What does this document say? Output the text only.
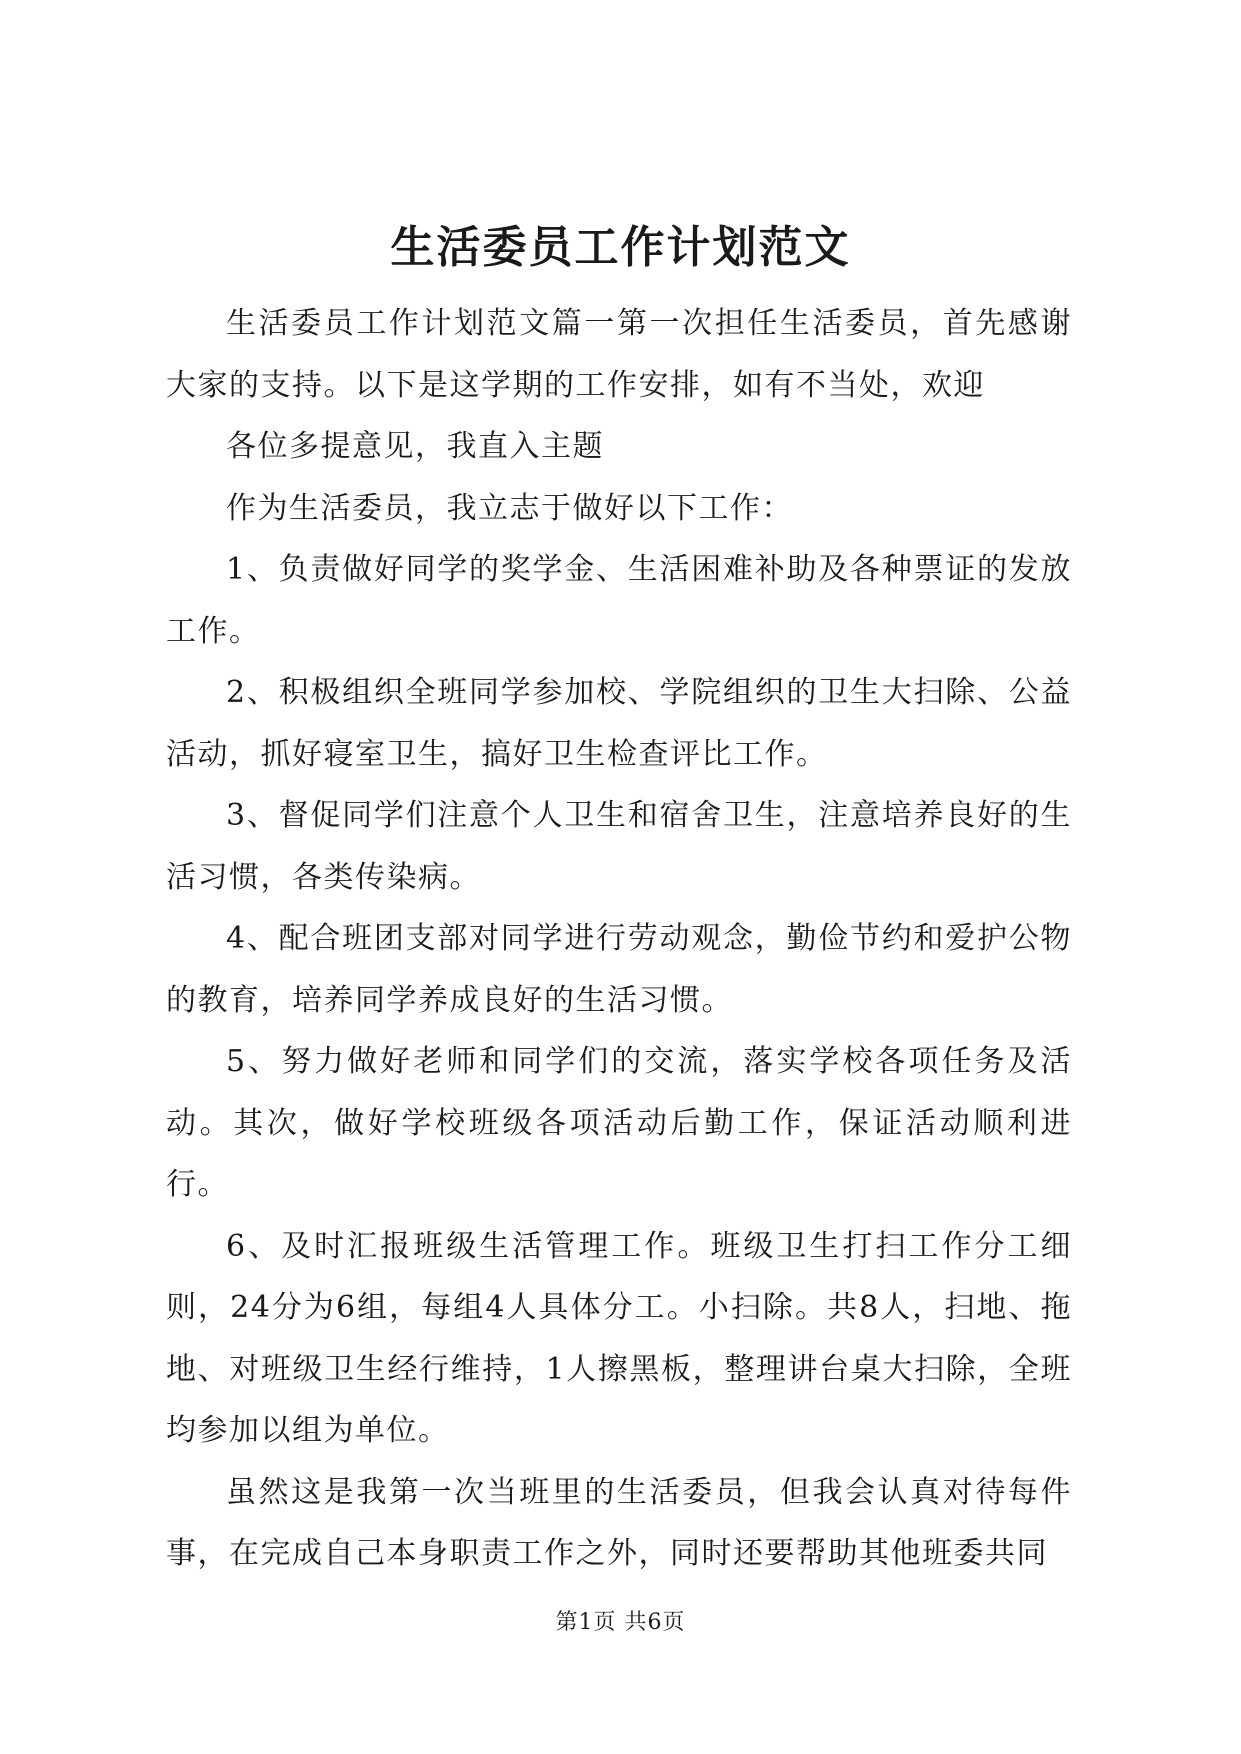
生活委员工作计划范文

生活委员工作计划范文篇一第一次担任生活委员，首先感谢大家的支持。以下是这学期的工作安排，如有不当处，欢迎

各位多提意见，我直入主题

作为生活委员，我立志于做好以下工作：

1、负责做好同学的奖学金、生活困难补助及各种票证的发放工作。

2、积极组织全班同学参加校、学院组织的卫生大扫除、公益活动，抓好寝室卫生，搞好卫生检查评比工作。

3、督促同学们注意个人卫生和宿舍卫生，注意培养良好的生活习惯，各类传染病。

4、配合班团支部对同学进行劳动观念，勤俭节约和爱护公物的教育，培养同学养成良好的生活习惯。

5、努力做好老师和同学们的交流，落实学校各项任务及活动。其次，做好学校班级各项活动后勤工作，保证活动顺利进行。

6、及时汇报班级生活管理工作。班级卫生打扫工作分工细则，24分为6组，每组4人具体分工。小扫除。共8人，扫地、拖地、对班级卫生经行维持，1人擦黑板，整理讲台桌大扫除，全班均参加以组为单位。

虽然这是我第一次当班里的生活委员，但我会认真对待每件事，在完成自己本身职责工作之外，同时还要帮助其他班委共同

第1页 共6页
